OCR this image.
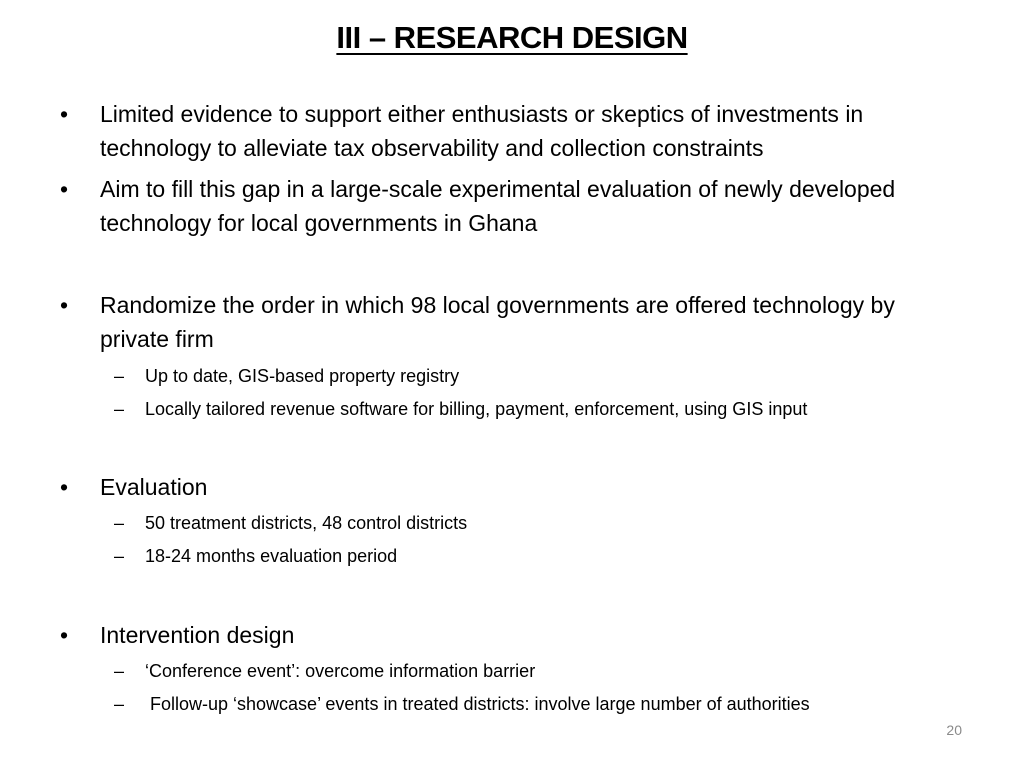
III – RESEARCH DESIGN
•	Limited evidence to support either enthusiasts or skeptics of investments in technology to alleviate tax observability and collection constraints
•	Aim to fill this gap in a large-scale experimental evaluation of newly developed technology for local governments in Ghana
•	Randomize the order in which 98 local governments are offered technology by private firm
–	Up to date, GIS-based property registry
–	Locally tailored revenue software for billing, payment, enforcement, using GIS input
•	Evaluation
–	50 treatment districts, 48 control districts
–	18-24 months evaluation period
•	Intervention design
–	‘Conference event’: overcome information barrier
–	Follow-up ‘showcase’ events in treated districts: involve large number of authorities
20
